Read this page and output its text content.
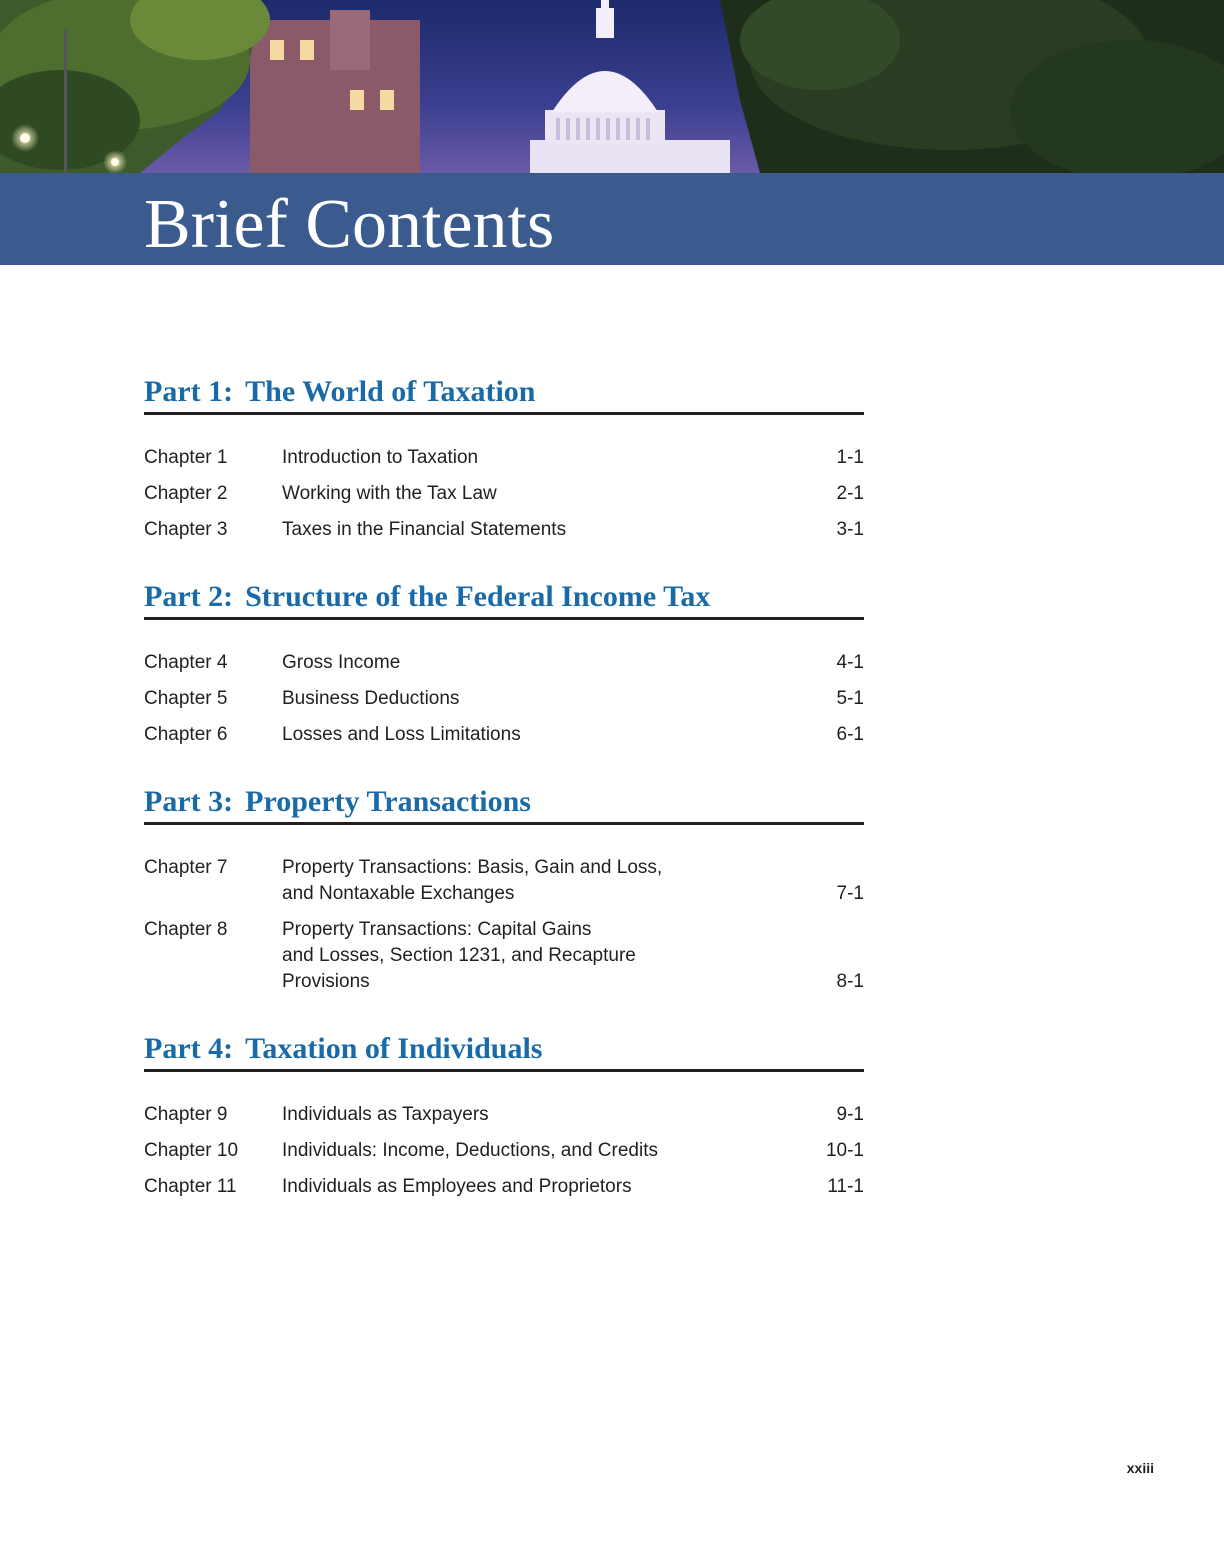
Brief Contents
Part 1: The World of Taxation
Chapter 1	Introduction to Taxation	1-1
Chapter 2	Working with the Tax Law	2-1
Chapter 3	Taxes in the Financial Statements	3-1
Part 2: Structure of the Federal Income Tax
Chapter 4	Gross Income	4-1
Chapter 5	Business Deductions	5-1
Chapter 6	Losses and Loss Limitations	6-1
Part 3: Property Transactions
Chapter 7	Property Transactions: Basis, Gain and Loss,
and Nontaxable Exchanges	7-1
Chapter 8	Property Transactions: Capital Gains
and Losses, Section 1231, and Recapture
Provisions	8-1
Part 4: Taxation of Individuals
Chapter 9	Individuals as Taxpayers	9-1
Chapter 10	Individuals: Income, Deductions, and Credits	10-1
Chapter 11	Individuals as Employees and Proprietors	11-1
xxiii
